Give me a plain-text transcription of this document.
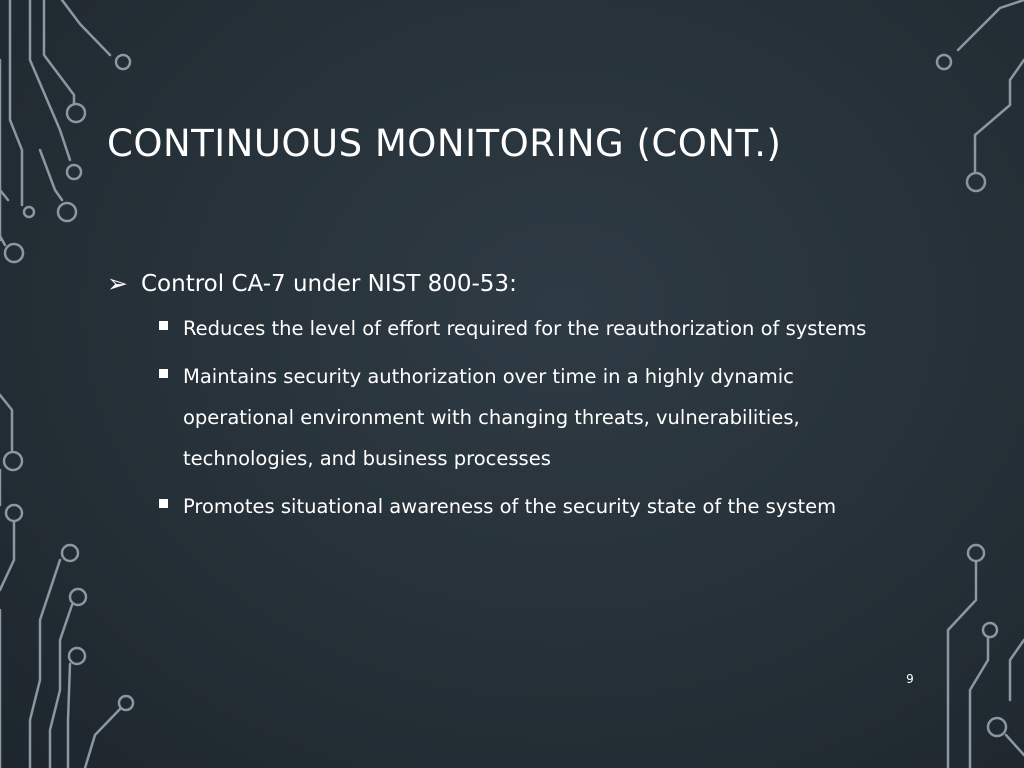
CONTINUOUS MONITORING (CONT.)
➢ Control CA-7 under NIST 800-53:
Reduces the level of effort required for the reauthorization of systems
Maintains security authorization over time in a highly dynamic operational environment with changing threats, vulnerabilities, technologies, and business processes
Promotes situational awareness of the security state of the system
9
